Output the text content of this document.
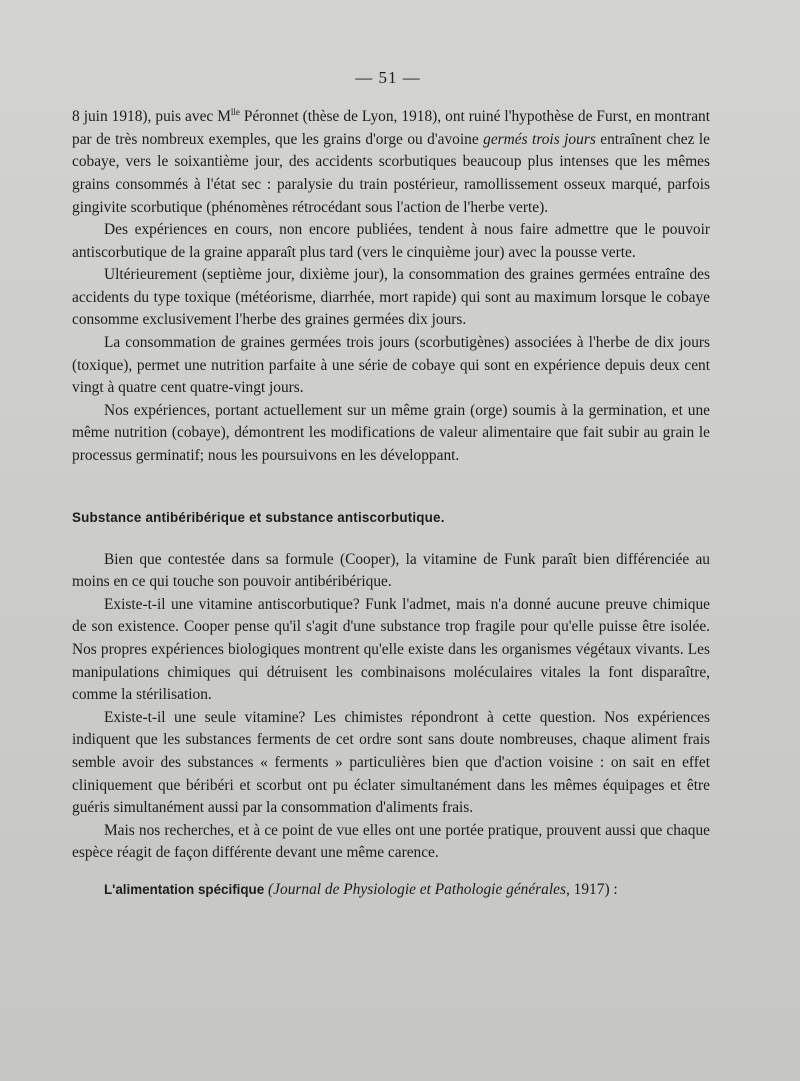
— 51 —

8 juin 1918), puis avec $M^{lle}$ Péronnet (thèse de Lyon, 1918), ont ruiné l'hypothèse de Furst, en montrant par de très nombreux exemples, que les grains d'orge ou d'avoine germés trois jours entraînent chez le cobaye, vers le soixantième jour, des accidents scorbutiques beaucoup plus intenses que les mêmes grains consommés à l'état sec : paralysie du train postérieur, ramollissement osseux marqué, parfois gingivite scorbutique (phénomènes rétrocédant sous l'action de l'herbe verte).

Des expériences en cours, non encore publiées, tendent à nous faire admettre que le pouvoir antiscorbutique de la graine apparaît plus tard (vers le cinquième jour) avec la pousse verte.

Ultérieurement (septième jour, dixième jour), la consommation des graines germées entraîne des accidents du type toxique (météorisme, diarrhée, mort rapide) qui sont au maximum lorsque le cobaye consomme exclusivement l'herbe des graines germées dix jours.

La consommation de graines germées trois jours (scorbutigènes) associées à l'herbe de dix jours (toxique), permet une nutrition parfaite à une série de cobaye qui sont en expérience depuis deux cent vingt à quatre cent quatre-vingt jours.

Nos expériences, portant actuellement sur un même grain (orge) soumis à la germination, et une même nutrition (cobaye), démontrent les modifications de valeur alimentaire que fait subir au grain le processus germinatif; nous les poursuivons en les développant.

Substance antibéribérique et substance antiscorbutique.

Bien que contestée dans sa formule (Cooper), la vitamine de Funk paraît bien différenciée au moins en ce qui touche son pouvoir antibéribérique.

Existe-t-il une vitamine antiscorbutique? Funk l'admet, mais n'a donné aucune preuve chimique de son existence. Cooper pense qu'il s'agit d'une substance trop fragile pour qu'elle puisse être isolée. Nos propres expériences biologiques montrent qu'elle existe dans les organismes végétaux vivants. Les manipulations chimiques qui détruisent les combinaisons moléculaires vitales la font disparaître, comme la stérilisation.

Existe-t-il une seule vitamine? Les chimistes répondront à cette question. Nos expériences indiquent que les substances ferments de cet ordre sont sans doute nombreuses, chaque aliment frais semble avoir des substances « ferments » particulières bien que d'action voisine : on sait en effet cliniquement que béribéri et scorbut ont pu éclater simultanément dans les mêmes équipages et être guéris simultanément aussi par la consommation d'aliments frais.

Mais nos recherches, et à ce point de vue elles ont une portée pratique, prouvent aussi que chaque espèce réagit de façon différente devant une même carence.

L'alimentation spécifique (Journal de Physiologie et Pathologie générales, 1917) :
